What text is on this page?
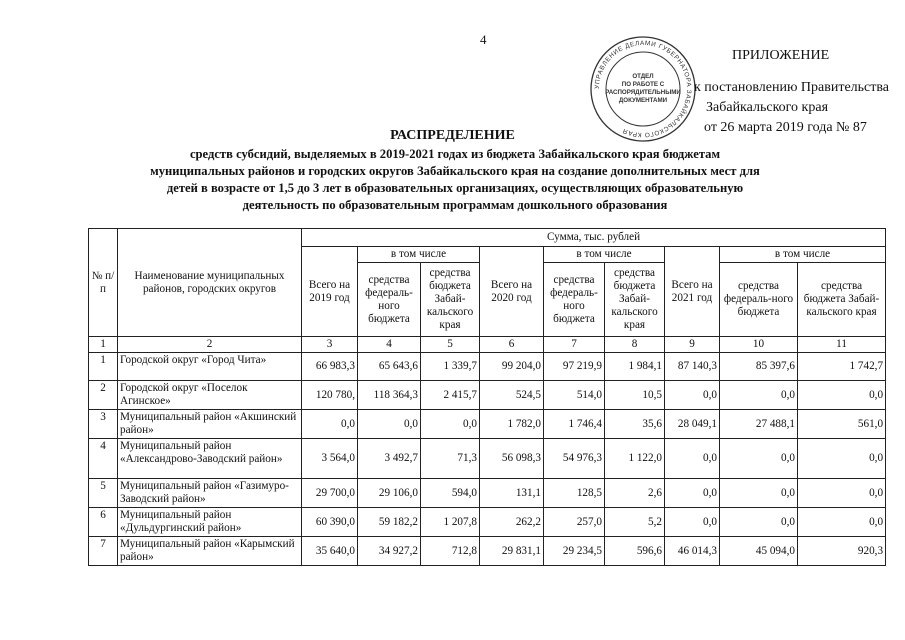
4
УПРАВЛЕНИЕ ДЕЛАМИ ГУБЕРНАТОРА ЗАБАЙКАЛЬСКОГО КРАЯ
ОТДЕЛ ПО РАБОТЕ С РАСПОРЯДИТЕЛЬНЫМИ ДОКУМЕНТАМИ
ПРИЛОЖЕНИЕ
к постановлению Правительства
Забайкальского края
от 26 марта 2019 года № 87
РАСПРЕДЕЛЕНИЕ
средств субсидий, выделяемых в 2019-2021 годах из бюджета Забайкальского края бюджетам муниципальных районов и городских округов Забайкальского края на создание дополнительных мест для детей в возрасте от 1,5 до 3 лет в образовательных организациях, осуществляющих образовательную деятельность по образовательным программам дошкольного образования
№ п/п	Наименование муниципальных районов, городских округов	Сумма, тыс. рублей								
		Всего на 2019 год	в том числе		Всего на 2020 год	в том числе		Всего на 2021 год	в том числе	
			средства федераль-ного бюджета	средства бюджета Забай-кальского края		средства федераль-ного бюджета	средства бюджета Забай-кальского края		средства федераль-ного бюджета	средства бюджета Забай-кальского края
1	2	3	4	5	6	7	8	9	10	11
1	Городской округ «Город Чита»	66 983,3	65 643,6	1 339,7	99 204,0	97 219,9	1 984,1	87 140,3	85 397,6	1 742,7
2	Городской округ «Поселок Агинское»	120 780,	118 364,3	2 415,7	524,5	514,0	10,5	0,0	0,0	0,0
3	Муниципальный район «Акшинский район»	0,0	0,0	0,0	1 782,0	1 746,4	35,6	28 049,1	27 488,1	561,0
4	Муниципальный район «Александрово-Заводский район»	3 564,0	3 492,7	71,3	56 098,3	54 976,3	1 122,0	0,0	0,0	0,0
5	Муниципальный район «Газимуро-Заводский район»	29 700,0	29 106,0	594,0	131,1	128,5	2,6	0,0	0,0	0,0
6	Муниципальный район «Дульдургинский район»	60 390,0	59 182,2	1 207,8	262,2	257,0	5,2	0,0	0,0	0,0
7	Муниципальный район «Карымский район»	35 640,0	34 927,2	712,8	29 831,1	29 234,5	596,6	46 014,3	45 094,0	920,3
